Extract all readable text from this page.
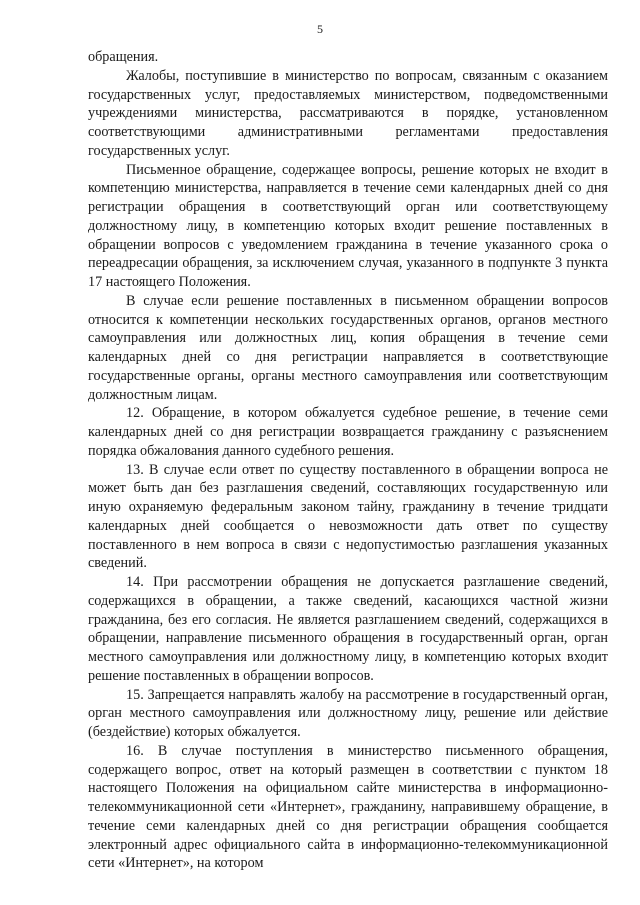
5

обращения.

Жалобы, поступившие в министерство по вопросам, связанным с оказанием государственных услуг, предоставляемых министерством, подведомственными учреждениями министерства, рассматриваются в порядке, установленном соответствующими административными регламентами предоставления государственных услуг.

Письменное обращение, содержащее вопросы, решение которых не входит в компетенцию министерства, направляется в течение семи календарных дней со дня регистрации обращения в соответствующий орган или соответствующему должностному лицу, в компетенцию которых входит решение поставленных в обращении вопросов с уведомлением гражданина в течение указанного срока о переадресации обращения, за исключением случая, указанного в подпункте 3 пункта 17 настоящего Положения.

В случае если решение поставленных в письменном обращении вопросов относится к компетенции нескольких государственных органов, органов местного самоуправления или должностных лиц, копия обращения в течение семи календарных дней со дня регистрации направляется в соответствующие государственные органы, органы местного самоуправления или соответствующим должностным лицам.

12. Обращение, в котором обжалуется судебное решение, в течение семи календарных дней со дня регистрации возвращается гражданину с разъяснением порядка обжалования данного судебного решения.

13. В случае если ответ по существу поставленного в обращении вопроса не может быть дан без разглашения сведений, составляющих государственную или иную охраняемую федеральным законом тайну, гражданину в течение тридцати календарных дней сообщается о невозможности дать ответ по существу поставленного в нем вопроса в связи с недопустимостью разглашения указанных сведений.

14. При рассмотрении обращения не допускается разглашение сведений, содержащихся в обращении, а также сведений, касающихся частной жизни гражданина, без его согласия. Не является разглашением сведений, содержащихся в обращении, направление письменного обращения в государственный орган, орган местного самоуправления или должностному лицу, в компетенцию которых входит решение поставленных в обращении вопросов.

15. Запрещается направлять жалобу на рассмотрение в государственный орган, орган местного самоуправления или должностному лицу, решение или действие (бездействие) которых обжалуется.

16. В случае поступления в министерство письменного обращения, содержащего вопрос, ответ на который размещен в соответствии с пунктом 18 настоящего Положения на официальном сайте министерства в информационно-телекоммуникационной сети «Интернет», гражданину, направившему обращение, в течение семи календарных дней со дня регистрации обращения сообщается электронный адрес официального сайта в информационно-телекоммуникационной сети «Интернет», на котором
